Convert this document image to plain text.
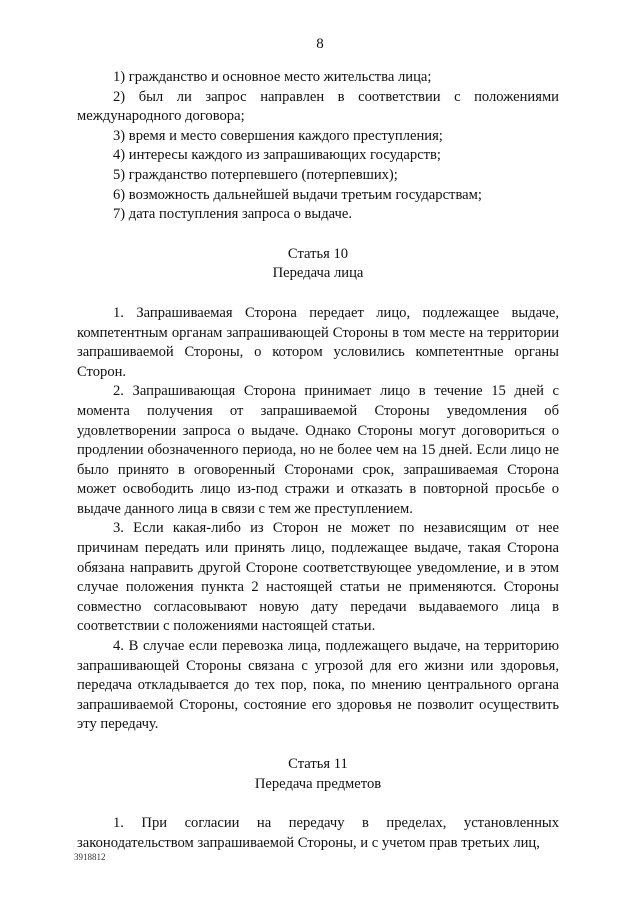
8

1) гражданство и основное место жительства лица;

2) был ли запрос направлен в соответствии с положениями международного договора;

3) время и место совершения каждого преступления;

4) интересы каждого из запрашивающих государств;

5) гражданство потерпевшего (потерпевших);

6) возможность дальнейшей выдачи третьим государствам;

7) дата поступления запроса о выдаче.

Статья 10

Передача лица

1. Запрашиваемая Сторона передает лицо, подлежащее выдаче, компетентным органам запрашивающей Стороны в том месте на территории запрашиваемой Стороны, о котором условились компетентные органы Сторон.

2. Запрашивающая Сторона принимает лицо в течение 15 дней с момента получения от запрашиваемой Стороны уведомления об удовлетворении запроса о выдаче. Однако Стороны могут договориться о продлении обозначенного периода, но не более чем на 15 дней. Если лицо не было принято в оговоренный Сторонами срок, запрашиваемая Сторона может освободить лицо из-под стражи и отказать в повторной просьбе о выдаче данного лица в связи с тем же преступлением.

3. Если какая-либо из Сторон не может по независящим от нее причинам передать или принять лицо, подлежащее выдаче, такая Сторона обязана направить другой Стороне соответствующее уведомление, и в этом случае положения пункта 2 настоящей статьи не применяются. Стороны совместно согласовывают новую дату передачи выдаваемого лица в соответствии с положениями настоящей статьи.

4. В случае если перевозка лица, подлежащего выдаче, на территорию запрашивающей Стороны связана с угрозой для его жизни или здоровья, передача откладывается до тех пор, пока, по мнению центрального органа запрашиваемой Стороны, состояние его здоровья не позволит осуществить эту передачу.

Статья 11

Передача предметов

1. При согласии на передачу в пределах, установленных законодательством запрашиваемой Стороны, и с учетом прав третьих лиц,

3918812
